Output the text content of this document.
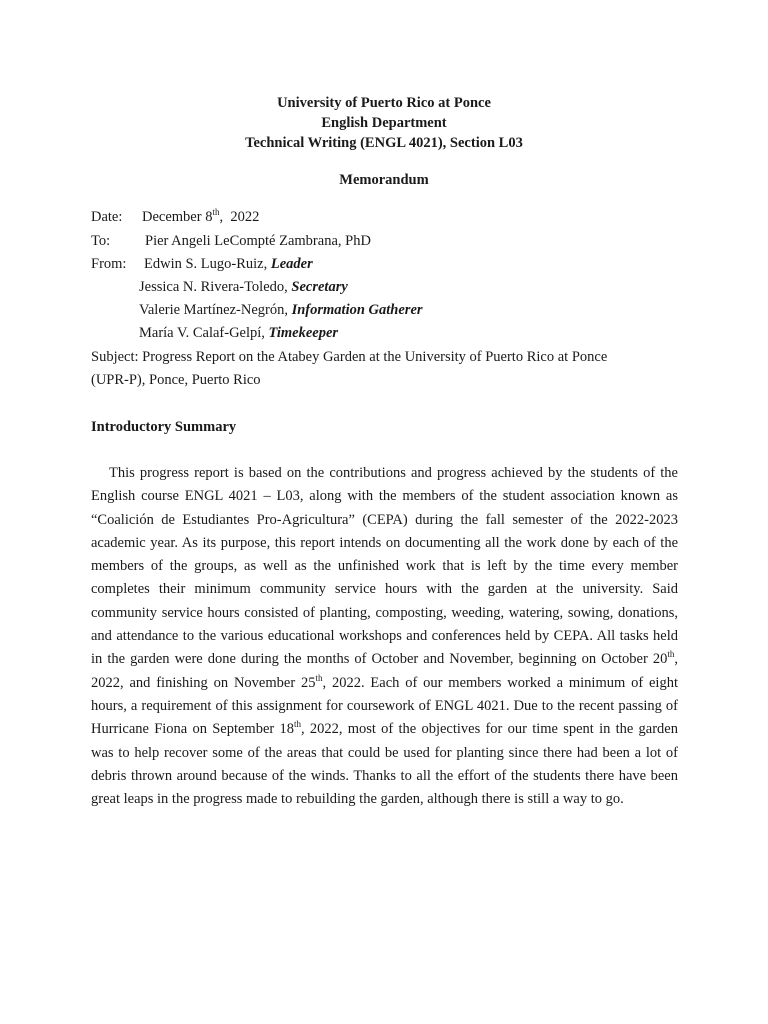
University of Puerto Rico at Ponce
English Department
Technical Writing (ENGL 4021), Section L03
Memorandum
Date: December 8th,  2022
To: Pier Angeli LeCompté Zambrana, PhD
From: Edwin S. Lugo-Ruiz, Leader
Jessica N. Rivera-Toledo, Secretary
Valerie Martínez-Negrón, Information Gatherer
María V. Calaf-Gelpí, Timekeeper
Subject: Progress Report on the Atabey Garden at the University of Puerto Rico at Ponce
(UPR-P), Ponce, Puerto Rico
Introductory Summary

This progress report is based on the contributions and progress achieved by the students of the English course ENGL 4021 – L03, along with the members of the student association known as “Coalición de Estudiantes Pro-Agricultura” (CEPA) during the fall semester of the 2022-2023 academic year. As its purpose, this report intends on documenting all the work done by each of the members of the groups, as well as the unfinished work that is left by the time every member completes their minimum community service hours with the garden at the university. Said community service hours consisted of planting, composting, weeding, watering, sowing, donations, and attendance to the various educational workshops and conferences held by CEPA. All tasks held in the garden were done during the months of October and November, beginning on October 20th, 2022, and finishing on November 25th, 2022. Each of our members worked a minimum of eight hours, a requirement of this assignment for coursework of ENGL 4021. Due to the recent passing of Hurricane Fiona on September 18th, 2022, most of the objectives for our time spent in the garden was to help recover some of the areas that could be used for planting since there had been a lot of debris thrown around because of the winds. Thanks to all the effort of the students there have been great leaps in the progress made to rebuilding the garden, although there is still a way to go.
